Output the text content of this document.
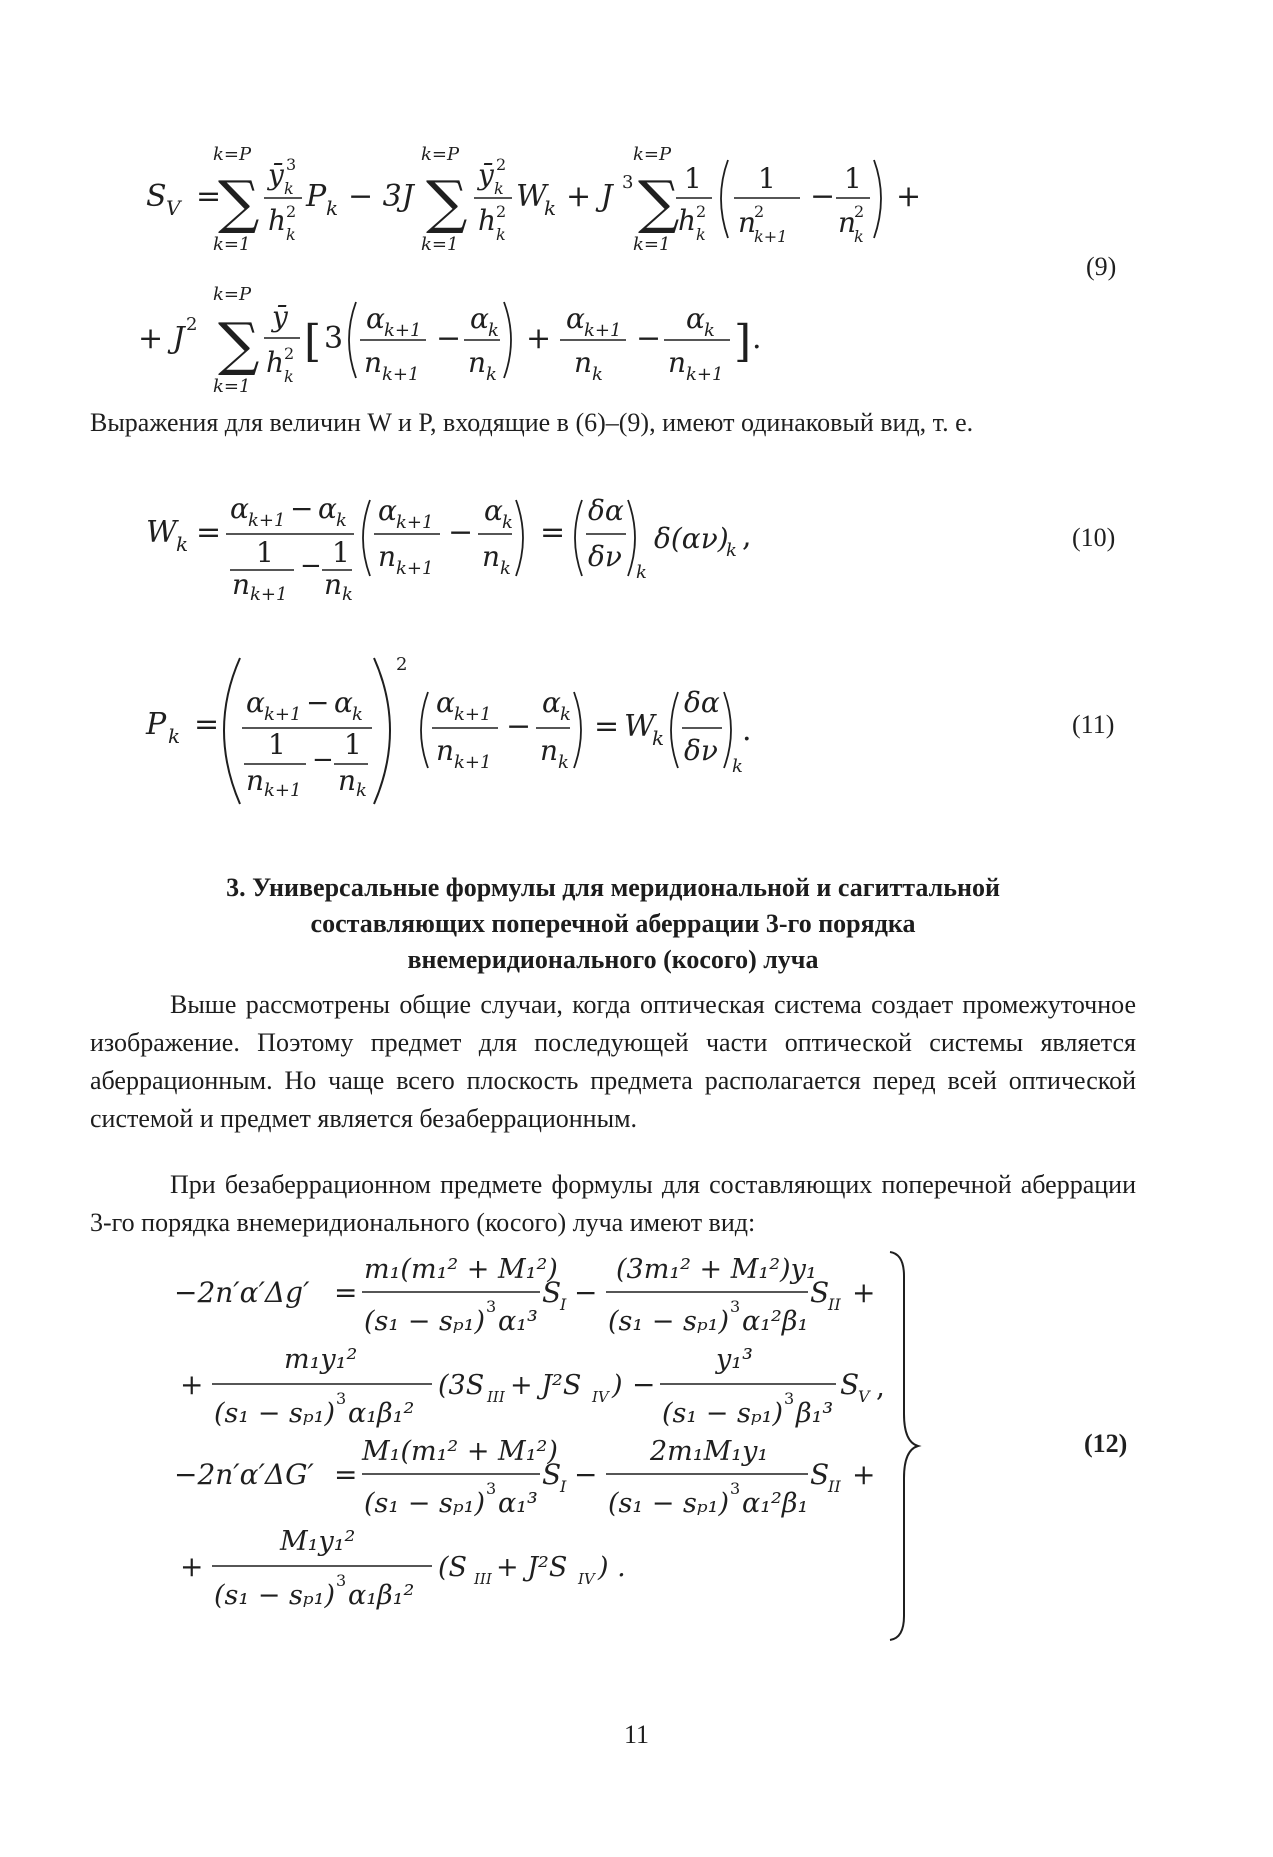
S V =
k=P
∑
k=1
ȳ 3
k
h 2
k
P k − 3J
k=P
∑
k=1
ȳ 2
k
h 2
k
W
k + J 3
k=P
∑
k=1
1
h 2
k
1
n
2
k+1
−
1
n
2
k
+
+ J 2
k=P
∑
k=1
ȳ
h 2
k
[ 3
α k+1
n k+1
−
α k
n k
+
α k+1
n k
−
α k
n k+1
] .
(9)
Выражения для величин W и P, входящие в (6)–(9), имеют одинаковый вид, т. е.
W k =
α k+1 − α k
1
n k+1
− 1
n k
α k+1
n k+1
−
α k
n k
=
δα
δν k
δ(αν)
k ,	(10)
P k =
α k+1 − α k
1
n k+1
− 1
n k
2
α k+1
n k+1
−
α k
n k
= W
k
δα
δν k
.	(11)
3. Универсальные формулы для меридиональной и сагиттальной
составляющих поперечной аберрации 3-го порядка
внемеридионального (косого) луча
Выше рассмотрены общие случаи, когда оптическая система создает промежуточное изображение. Поэтому предмет для последующей части оптической системы является аберрационным. Но чаще всего плоскость предмета располагается перед всей оптической системой и предмет является безаберрационным.
При безаберрационном предмете формулы для составляющих поперечной аберрации 3-го порядка внемеридионального (косого) луча имеют вид:
−2n′α′Δg′ =
m₁(m₁² + M₁²)
(s₁ − sₚ₁) 3 α₁³
S
I −
(3m₁² + M₁²)y₁
(s₁ − sₚ₁) 3 α₁²β₁
S
II +
+
m₁y₁²
(s₁ − sₚ₁) 3 α₁β₁²
(3S III + J²S IV ) −
y₁³
(s₁ − sₚ₁) 3 β₁³
S
V ,
−2n′α′ΔG′ =
M₁(m₁² + M₁²)
(s₁ − sₚ₁) 3 α₁³
S
I −
2m₁M₁y₁
(s₁ − sₚ₁) 3 α₁²β₁
S
II +
+
M₁y₁²
(s₁ − sₚ₁) 3 α₁β₁²
(S III + J²S IV ) .
(12)
11
